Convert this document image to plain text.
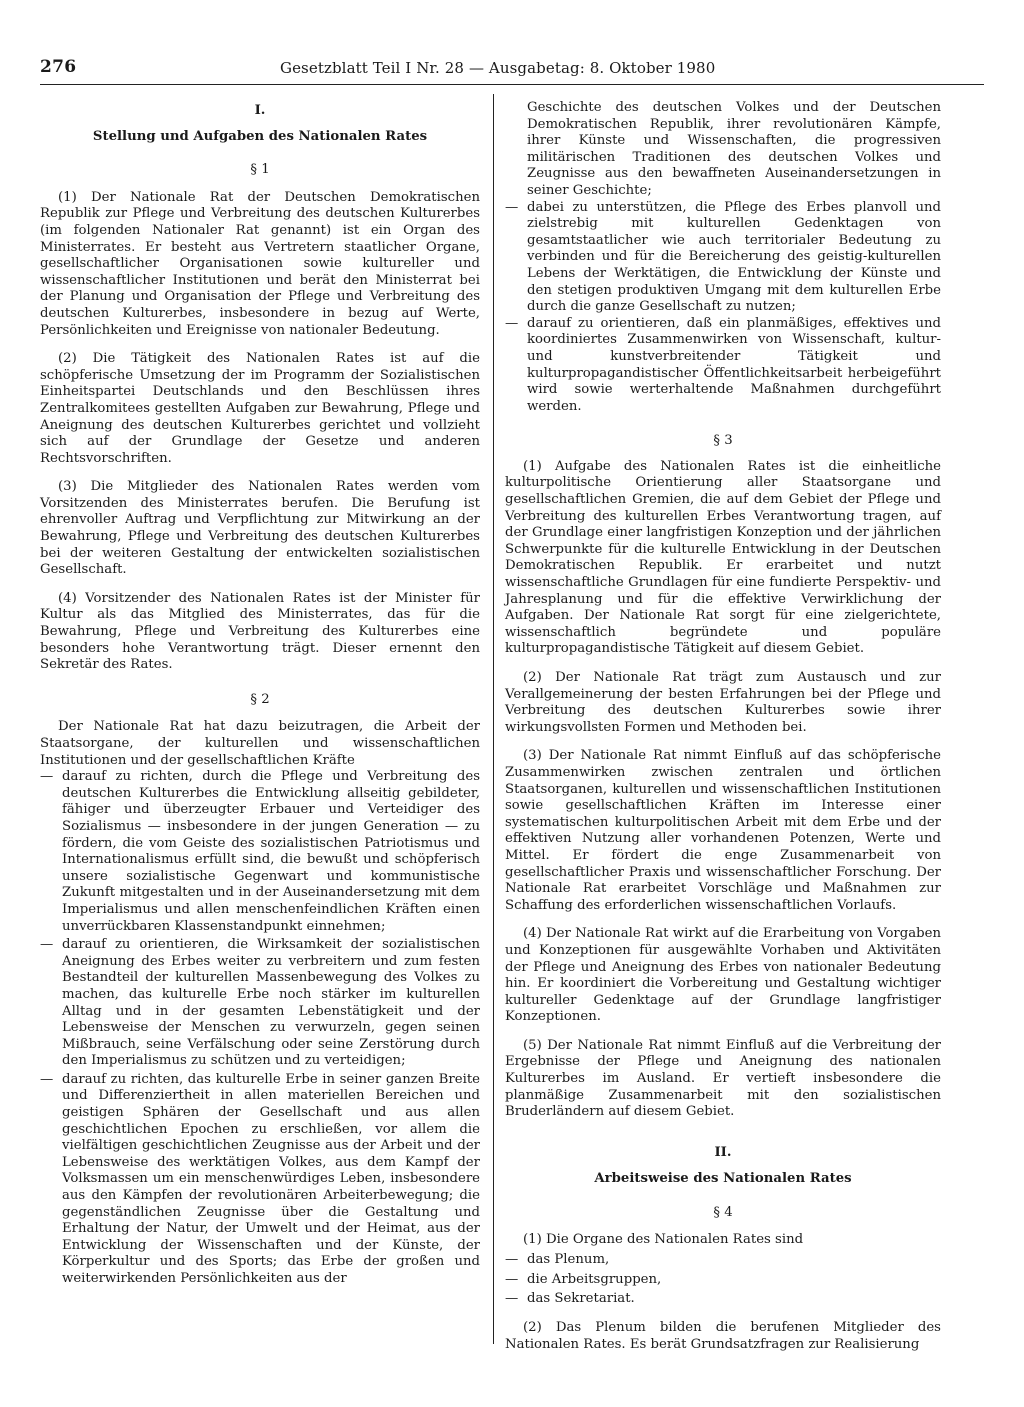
276	Gesetzblatt Teil I Nr. 28 — Ausgabetag: 8. Oktober 1980

I.

Stellung und Aufgaben des Nationalen Rates

§ 1

(1) Der Nationale Rat der Deutschen Demokratischen Republik zur Pflege und Verbreitung des deutschen Kulturerbes (im folgenden Nationaler Rat genannt) ist ein Organ des Ministerrates. Er besteht aus Vertretern staatlicher Organe, gesellschaftlicher Organisationen sowie kultureller und wissenschaftlicher Institutionen und berät den Ministerrat bei der Planung und Organisation der Pflege und Verbreitung des deutschen Kulturerbes, insbesondere in bezug auf Werte, Persönlichkeiten und Ereignisse von nationaler Bedeutung.

(2) Die Tätigkeit des Nationalen Rates ist auf die schöpferische Umsetzung der im Programm der Sozialistischen Einheitspartei Deutschlands und den Beschlüssen ihres Zentralkomitees gestellten Aufgaben zur Bewahrung, Pflege und Aneignung des deutschen Kulturerbes gerichtet und vollzieht sich auf der Grundlage der Gesetze und anderen Rechtsvorschriften.

(3) Die Mitglieder des Nationalen Rates werden vom Vorsitzenden des Ministerrates berufen. Die Berufung ist ehrenvoller Auftrag und Verpflichtung zur Mitwirkung an der Bewahrung, Pflege und Verbreitung des deutschen Kulturerbes bei der weiteren Gestaltung der entwickelten sozialistischen Gesellschaft.

(4) Vorsitzender des Nationalen Rates ist der Minister für Kultur als das Mitglied des Ministerrates, das für die Bewahrung, Pflege und Verbreitung des Kulturerbes eine besonders hohe Verantwortung trägt. Dieser ernennt den Sekretär des Rates.

§ 2

Der Nationale Rat hat dazu beizutragen, die Arbeit der Staatsorgane, der kulturellen und wissenschaftlichen Institutionen und der gesellschaftlichen Kräfte

— darauf zu richten, durch die Pflege und Verbreitung des deutschen Kulturerbes die Entwicklung allseitig gebildeter, fähiger und überzeugter Erbauer und Verteidiger des Sozialismus — insbesondere in der jungen Generation — zu fördern, die vom Geiste des sozialistischen Patriotismus und Internationalismus erfüllt sind, die bewußt und schöpferisch unsere sozialistische Gegenwart und kommunistische Zukunft mitgestalten und in der Auseinandersetzung mit dem Imperialismus und allen menschenfeindlichen Kräften einen unverrückbaren Klassenstandpunkt einnehmen;
— darauf zu orientieren, die Wirksamkeit der sozialistischen Aneignung des Erbes weiter zu verbreitern und zum festen Bestandteil der kulturellen Massenbewegung des Volkes zu machen, das kulturelle Erbe noch stärker im kulturellen Alltag und in der gesamten Lebenstätigkeit und der Lebensweise der Menschen zu verwurzeln, gegen seinen Mißbrauch, seine Verfälschung oder seine Zerstörung durch den Imperialismus zu schützen und zu verteidigen;
— darauf zu richten, das kulturelle Erbe in seiner ganzen Breite und Differenziertheit in allen materiellen Bereichen und geistigen Sphären der Gesellschaft und aus allen geschichtlichen Epochen zu erschließen, vor allem die vielfältigen geschichtlichen Zeugnisse aus der Arbeit und der Lebensweise des werktätigen Volkes, aus dem Kampf der Volksmassen um ein menschenwürdiges Leben, insbesondere aus den Kämpfen der revolutionären Arbeiterbewegung; die gegenständlichen Zeugnisse über die Gestaltung und Erhaltung der Natur, der Umwelt und der Heimat, aus der Entwicklung der Wissenschaften und der Künste, der Körperkultur und des Sports; das Erbe der großen und weiterwirkenden Persönlichkeiten aus der
Geschichte des deutschen Volkes und der Deutschen Demokratischen Republik, ihrer revolutionären Kämpfe, ihrer Künste und Wissenschaften, die progressiven militärischen Traditionen des deutschen Volkes und Zeugnisse aus den bewaffneten Auseinandersetzungen in seiner Geschichte;
— dabei zu unterstützen, die Pflege des Erbes planvoll und zielstrebig mit kulturellen Gedenktagen von gesamtstaatlicher wie auch territorialer Bedeutung zu verbinden und für die Bereicherung des geistig-kulturellen Lebens der Werktätigen, die Entwicklung der Künste und den stetigen produktiven Umgang mit dem kulturellen Erbe durch die ganze Gesellschaft zu nutzen;
— darauf zu orientieren, daß ein planmäßiges, effektives und koordiniertes Zusammenwirken von Wissenschaft, kultur- und kunstverbreitender Tätigkeit und kulturpropagandistischer Öffentlichkeitsarbeit herbeigeführt wird sowie werterhaltende Maßnahmen durchgeführt werden.

§ 3

(1) Aufgabe des Nationalen Rates ist die einheitliche kulturpolitische Orientierung aller Staatsorgane und gesellschaftlichen Gremien, die auf dem Gebiet der Pflege und Verbreitung des kulturellen Erbes Verantwortung tragen, auf der Grundlage einer langfristigen Konzeption und der jährlichen Schwerpunkte für die kulturelle Entwicklung in der Deutschen Demokratischen Republik. Er erarbeitet und nutzt wissenschaftliche Grundlagen für eine fundierte Perspektiv- und Jahresplanung und für die effektive Verwirklichung der Aufgaben. Der Nationale Rat sorgt für eine zielgerichtete, wissenschaftlich begründete und populäre kulturpropagandistische Tätigkeit auf diesem Gebiet.

(2) Der Nationale Rat trägt zum Austausch und zur Verallgemeinerung der besten Erfahrungen bei der Pflege und Verbreitung des deutschen Kulturerbes sowie ihrer wirkungsvollsten Formen und Methoden bei.

(3) Der Nationale Rat nimmt Einfluß auf das schöpferische Zusammenwirken zwischen zentralen und örtlichen Staatsorganen, kulturellen und wissenschaftlichen Institutionen sowie gesellschaftlichen Kräften im Interesse einer systematischen kulturpolitischen Arbeit mit dem Erbe und der effektiven Nutzung aller vorhandenen Potenzen, Werte und Mittel. Er fördert die enge Zusammenarbeit von gesellschaftlicher Praxis und wissenschaftlicher Forschung. Der Nationale Rat erarbeitet Vorschläge und Maßnahmen zur Schaffung des erforderlichen wissenschaftlichen Vorlaufs.

(4) Der Nationale Rat wirkt auf die Erarbeitung von Vorgaben und Konzeptionen für ausgewählte Vorhaben und Aktivitäten der Pflege und Aneignung des Erbes von nationaler Bedeutung hin. Er koordiniert die Vorbereitung und Gestaltung wichtiger kultureller Gedenktage auf der Grundlage langfristiger Konzeptionen.

(5) Der Nationale Rat nimmt Einfluß auf die Verbreitung der Ergebnisse der Pflege und Aneignung des nationalen Kulturerbes im Ausland. Er vertieft insbesondere die planmäßige Zusammenarbeit mit den sozialistischen Bruderländern auf diesem Gebiet.

II.

Arbeitsweise des Nationalen Rates

§ 4

(1) Die Organe des Nationalen Rates sind

— das Plenum,
— die Arbeitsgruppen,
— das Sekretariat.

(2) Das Plenum bilden die berufenen Mitglieder des Nationalen Rates. Es berät Grundsatzfragen zur Realisierung
